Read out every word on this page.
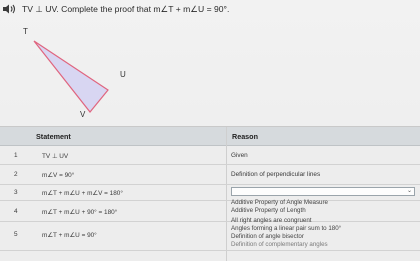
TV ⊥ UV. Complete the proof that m∠T + m∠U = 90°.
T
U
V
Statement	Reason
1	TV ⊥ UV	Given
2	m∠V = 90°	Definition of perpendicular lines
3	m∠T + m∠U + m∠V = 180°
4	m∠T + m∠U + 90° = 180°
5	m∠T + m∠U = 90°
⌄
Additive Property of Angle Measure
Additive Property of Length
All right angles are congruent
Angles forming a linear pair sum to 180°
Definition of angle bisector
Definition of complementary angles
